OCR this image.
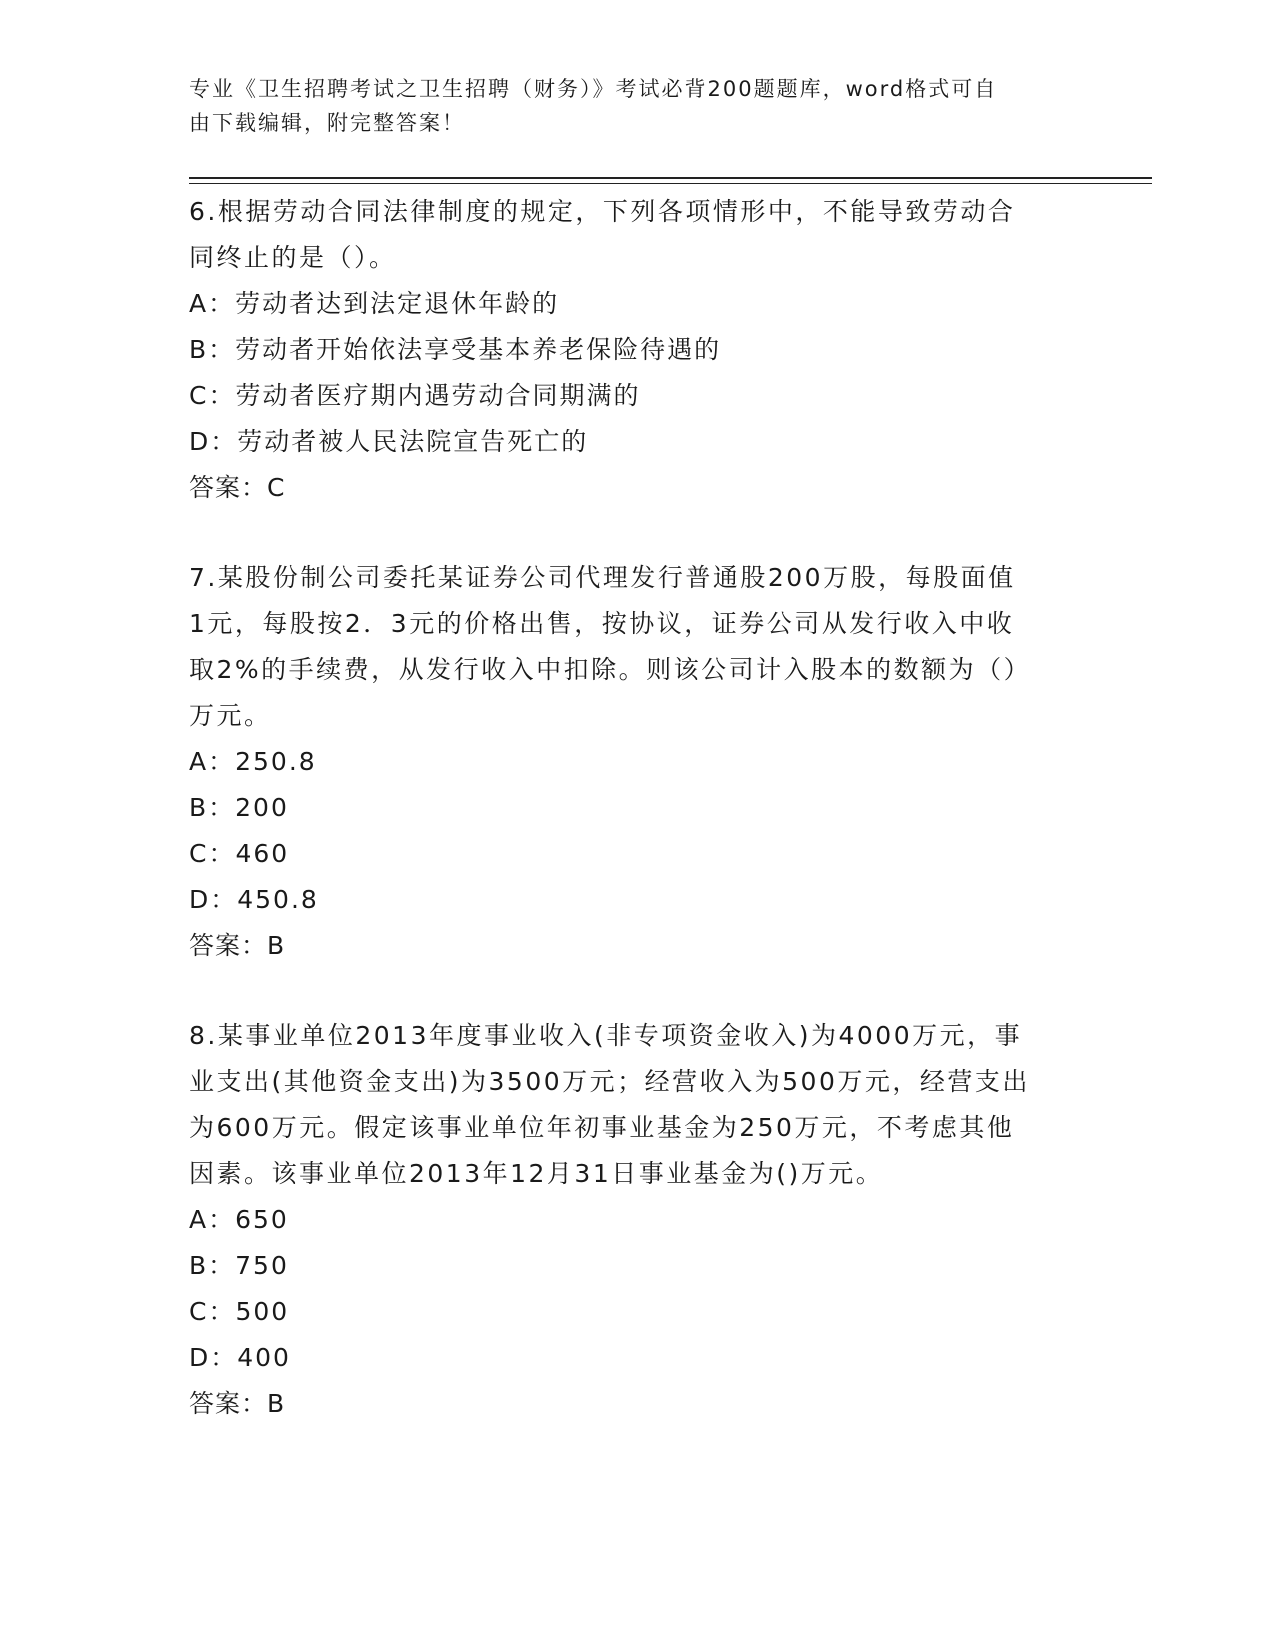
专业《卫生招聘考试之卫生招聘（财务）》考试必背200题题库，word格式可自
由下载编辑，附完整答案！

6.根据劳动合同法律制度的规定，下列各项情形中，不能导致劳动合

同终止的是（）。

A：劳动者达到法定退休年龄的

B：劳动者开始依法享受基本养老保险待遇的

C：劳动者医疗期内遇劳动合同期满的

D：劳动者被人民法院宣告死亡的

答案：C

7.某股份制公司委托某证券公司代理发行普通股200万股，每股面值

1元，每股按2．3元的价格出售，按协议，证券公司从发行收入中收

取2%的手续费，从发行收入中扣除。则该公司计入股本的数额为（）

万元。

A：250.8

B：200

C：460

D：450.8

答案：B

8.某事业单位2013年度事业收入(非专项资金收入)为4000万元，事

业支出(其他资金支出)为3500万元；经营收入为500万元，经营支出

为600万元。假定该事业单位年初事业基金为250万元，不考虑其他

因素。该事业单位2013年12月31日事业基金为()万元。

A：650

B：750

C：500

D：400

答案：B
